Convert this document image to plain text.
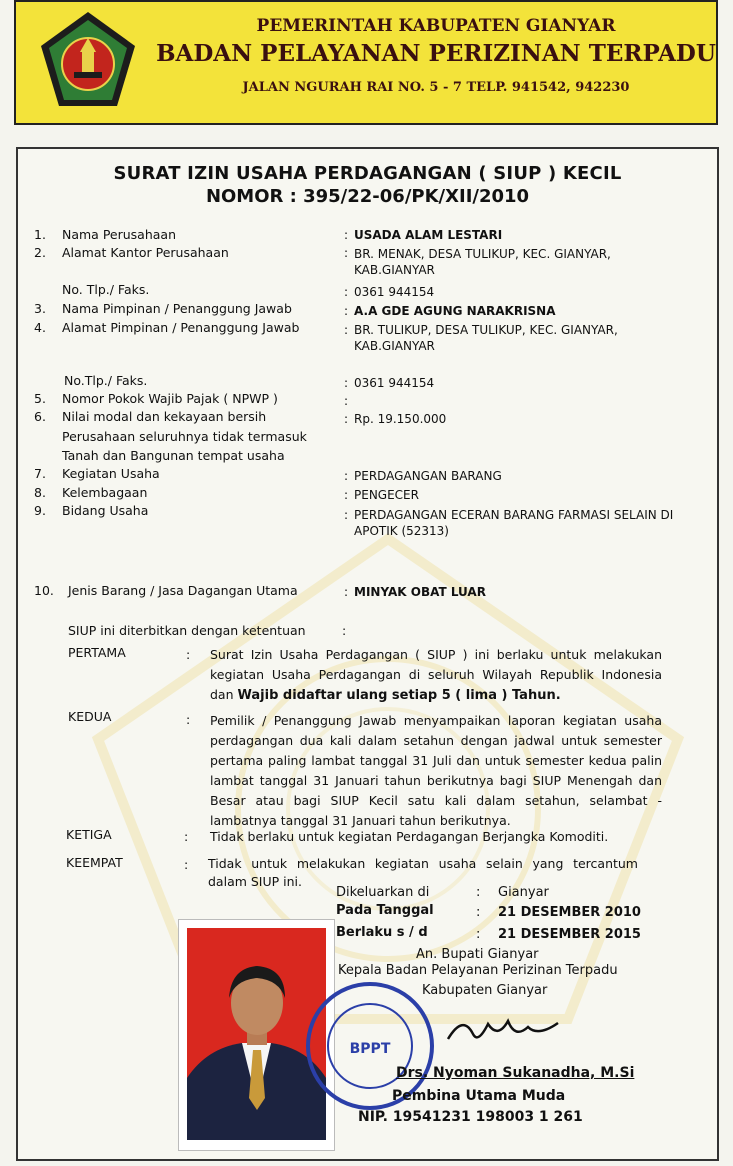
PEMERINTAH KABUPATEN GIANYAR
BADAN PELAYANAN PERIZINAN TERPADU
JALAN NGURAH RAI NO. 5 - 7 TELP. 941542, 942230
SURAT IZIN USAHA PERDAGANGAN ( SIUP ) KECIL
NOMOR : 395/22-06/PK/XII/2010
1. Nama Perusahaan	: USADA ALAM LESTARI
2. Alamat Kantor Perusahaan	: BR. MENAK, DESA TULIKUP, KEC. GIANYAR,
KAB.GIANYAR
No. Tlp./ Faks.	: 0361 944154
3. Nama Pimpinan / Penanggung Jawab	: A.A GDE AGUNG NARAKRISNA
4. Alamat Pimpinan / Penanggung Jawab	: BR. TULIKUP, DESA TULIKUP, KEC. GIANYAR,
KAB.GIANYAR
No.Tlp./ Faks.	: 0361 944154
5. Nomor Pokok Wajib Pajak ( NPWP )	:
6. Nilai modal dan kekayaan bersih
Perusahaan seluruhnya tidak termasuk
Tanah dan Bangunan tempat usaha
: Rp. 19.150.000
7. Kegiatan Usaha	: PERDAGANGAN BARANG
8. Kelembagaan	: PENGECER
9. Bidang Usaha	: PERDAGANGAN ECERAN BARANG FARMASI SELAIN DI
APOTIK (52313)
10. Jenis Barang / Jasa Dagangan Utama	: MINYAK OBAT LUAR
SIUP ini diterbitkan dengan ketentuan	:
PERTAMA	: Surat Izin Usaha Perdagangan ( SIUP ) ini berlaku untuk melakukan kegiatan Usaha Perdagangan di seluruh Wilayah Republik Indonesia dan Wajib didaftar ulang setiap 5 ( lima ) Tahun.
KEDUA	: Pemilik / Penanggung Jawab menyampaikan laporan kegiatan usaha perdagangan dua kali dalam setahun dengan jadwal untuk semester pertama paling lambat tanggal 31 Juli dan untuk semester kedua palin lambat tanggal 31 Januari tahun berikutnya bagi SIUP Menengah dan Besar atau bagi SIUP Kecil satu kali dalam setahun, selambat - lambatnya tanggal 31 Januari tahun berikutnya.
KETIGA	: Tidak berlaku untuk kegiatan Perdagangan Berjangka Komoditi.
KEEMPAT	: Tidak untuk melakukan kegiatan usaha selain yang tercantum dalam SIUP ini.
Dikeluarkan di	: Gianyar
Pada Tanggal	: 21 DESEMBER 2010
Berlaku s / d	: 21 DESEMBER 2015
An. Bupati Gianyar
Kepala Badan Pelayanan Perizinan Terpadu
Kabupaten Gianyar
BPPT
Drs. Nyoman Sukanadha, M.Si
Pembina Utama Muda
NIP. 19541231 198003 1 261
